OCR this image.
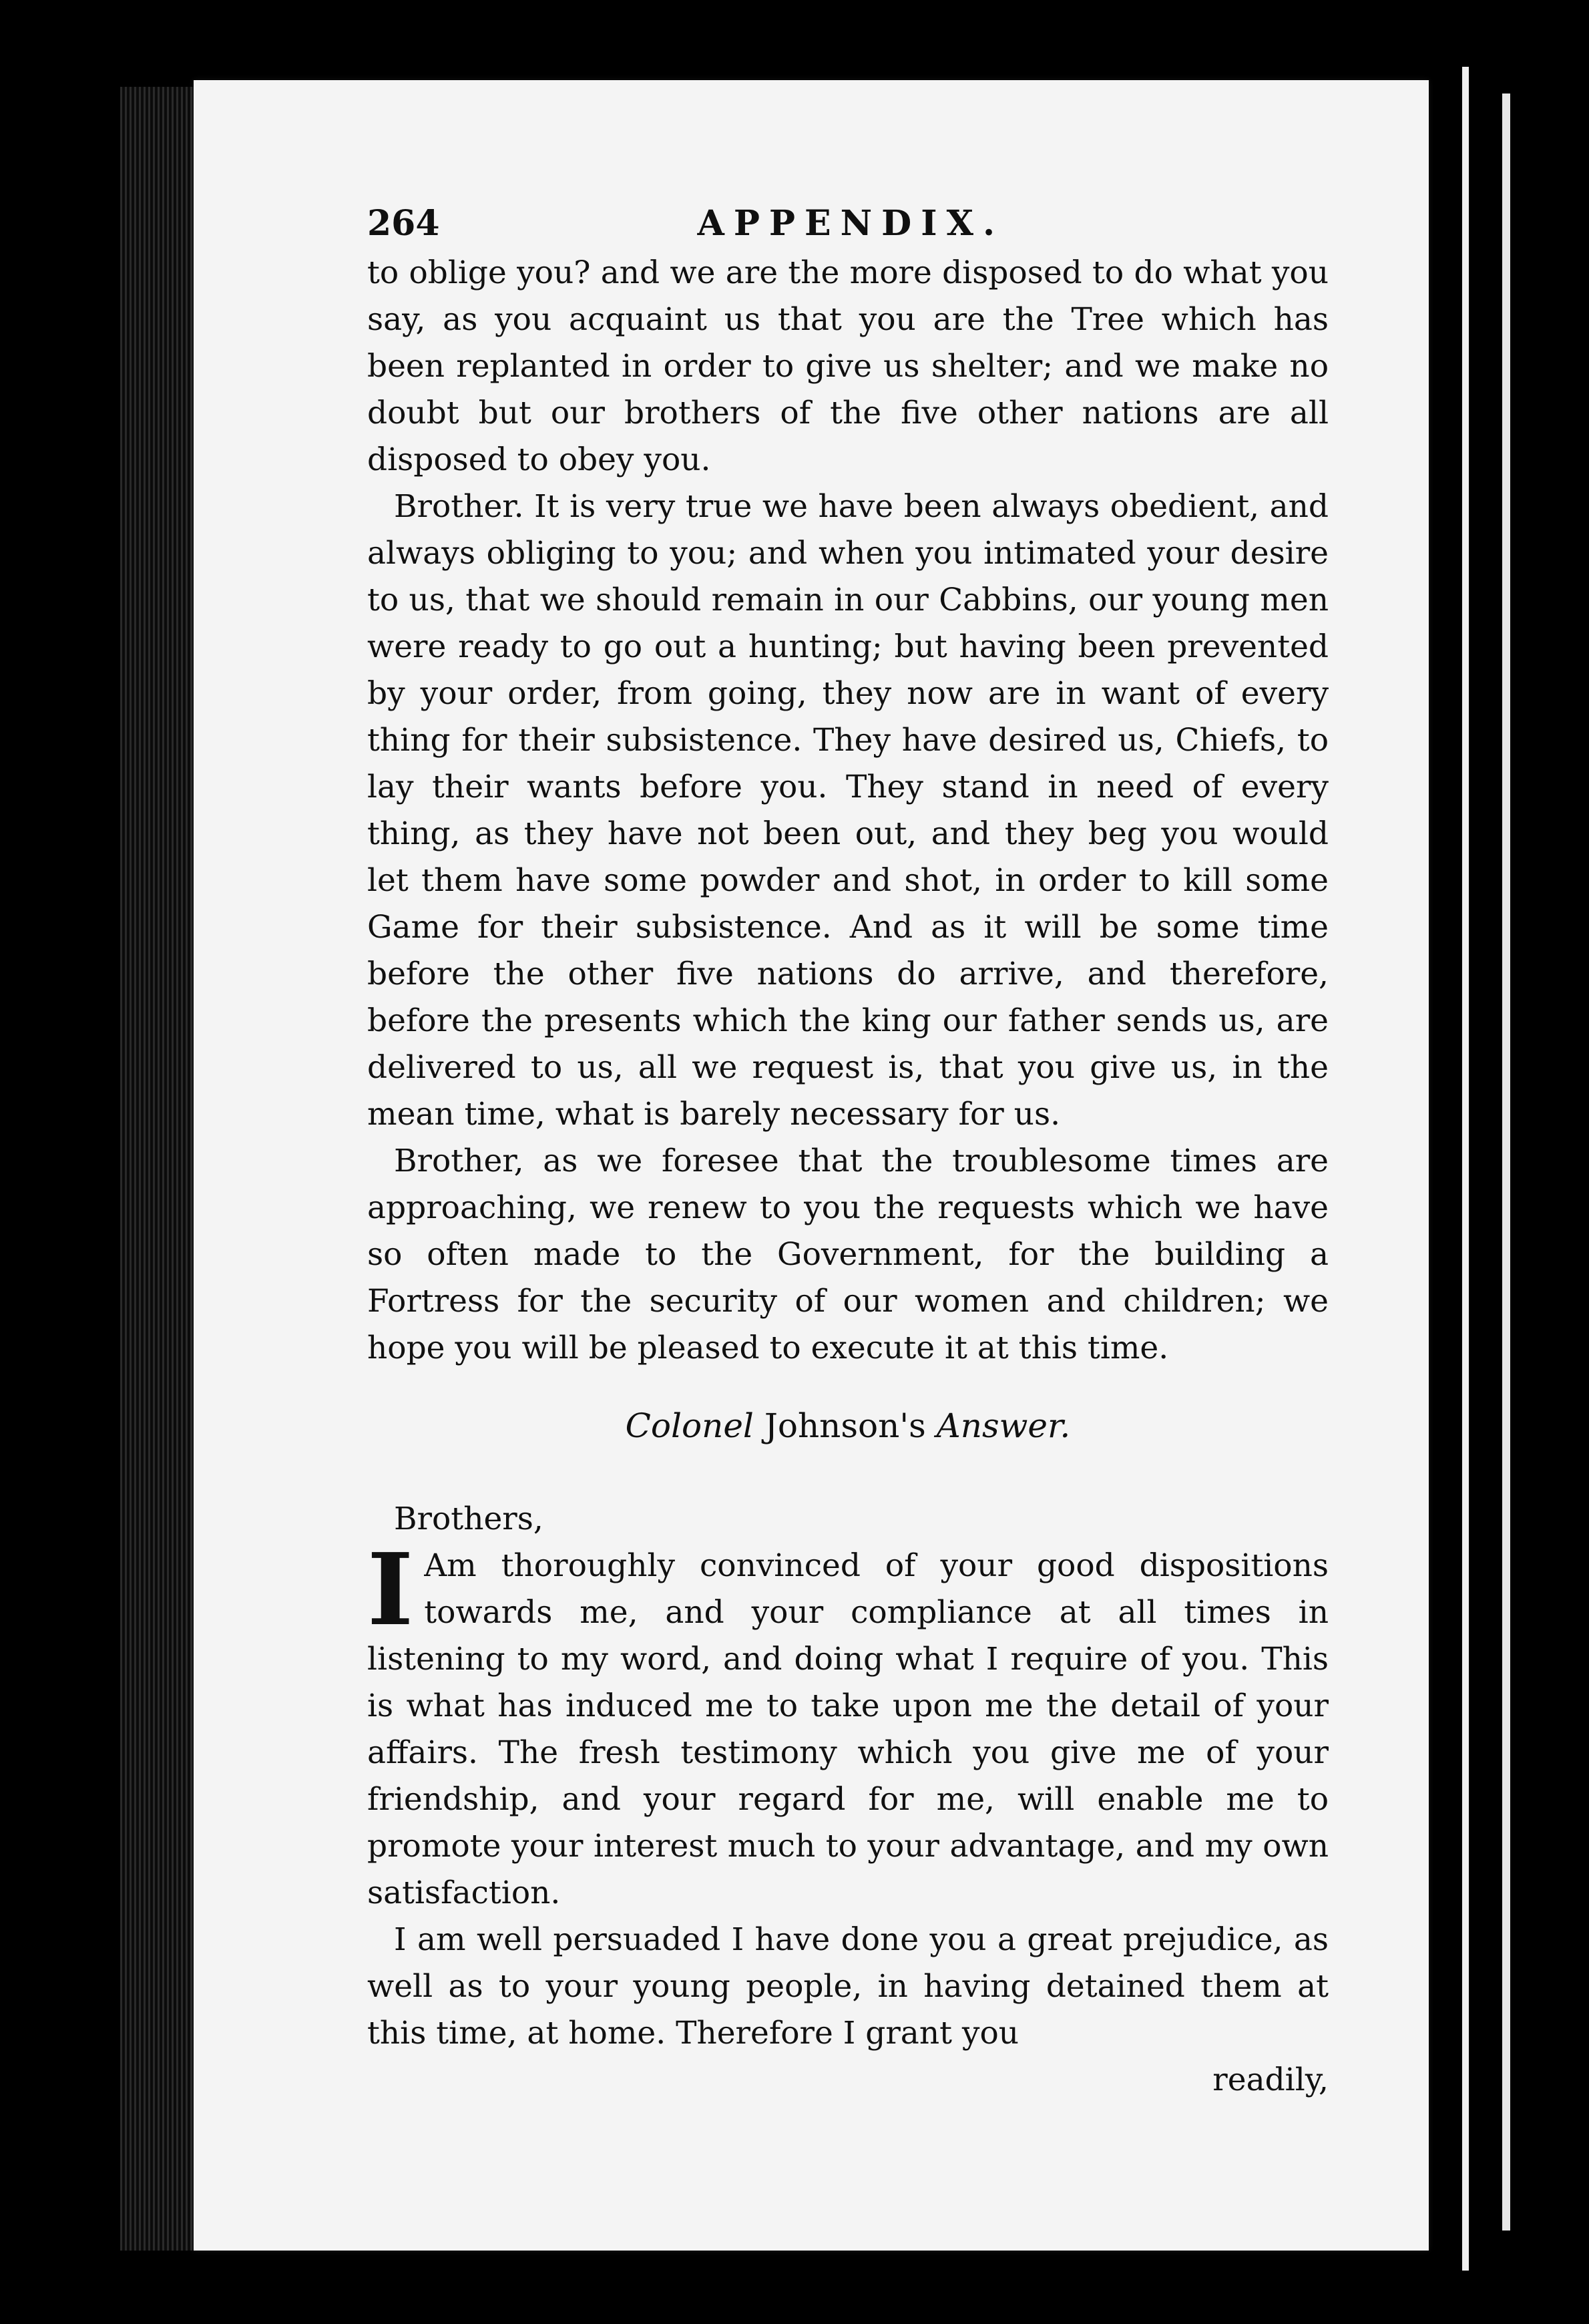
264	APPENDIX.

to oblige you? and we are the more disposed to do what you say, as you acquaint us that you are the Tree which has been replanted in order to give us shelter; and we make no doubt but our brothers of the five other nations are all disposed to obey you.

Brother. It is very true we have been always obedient, and always obliging to you; and when you intimated your desire to us, that we should remain in our Cabbins, our young men were ready to go out a hunting; but having been prevented by your order, from going, they now are in want of every thing for their subsistence. They have desired us, Chiefs, to lay their wants before you. They stand in need of every thing, as they have not been out, and they beg you would let them have some powder and shot, in order to kill some Game for their subsistence. And as it will be some time before the other five nations do arrive, and therefore, before the presents which the king our father sends us, are delivered to us, all we request is, that you give us, in the mean time, what is barely necessary for us.

Brother, as we foresee that the troublesome times are approaching, we renew to you the requests which we have so often made to the Government, for the building a Fortress for the security of our women and children; we hope you will be pleased to execute it at this time.

Colonel Johnson's Answer.

Brothers,

I Am thoroughly convinced of your good dispositions towards me, and your compliance at all times in listening to my word, and doing what I require of you. This is what has induced me to take upon me the detail of your affairs. The fresh testimony which you give me of your friendship, and your regard for me, will enable me to promote your interest much to your advantage, and my own satisfaction.

I am well persuaded I have done you a great prejudice, as well as to your young people, in having detained them at this time, at home. Therefore I grant you

readily,
